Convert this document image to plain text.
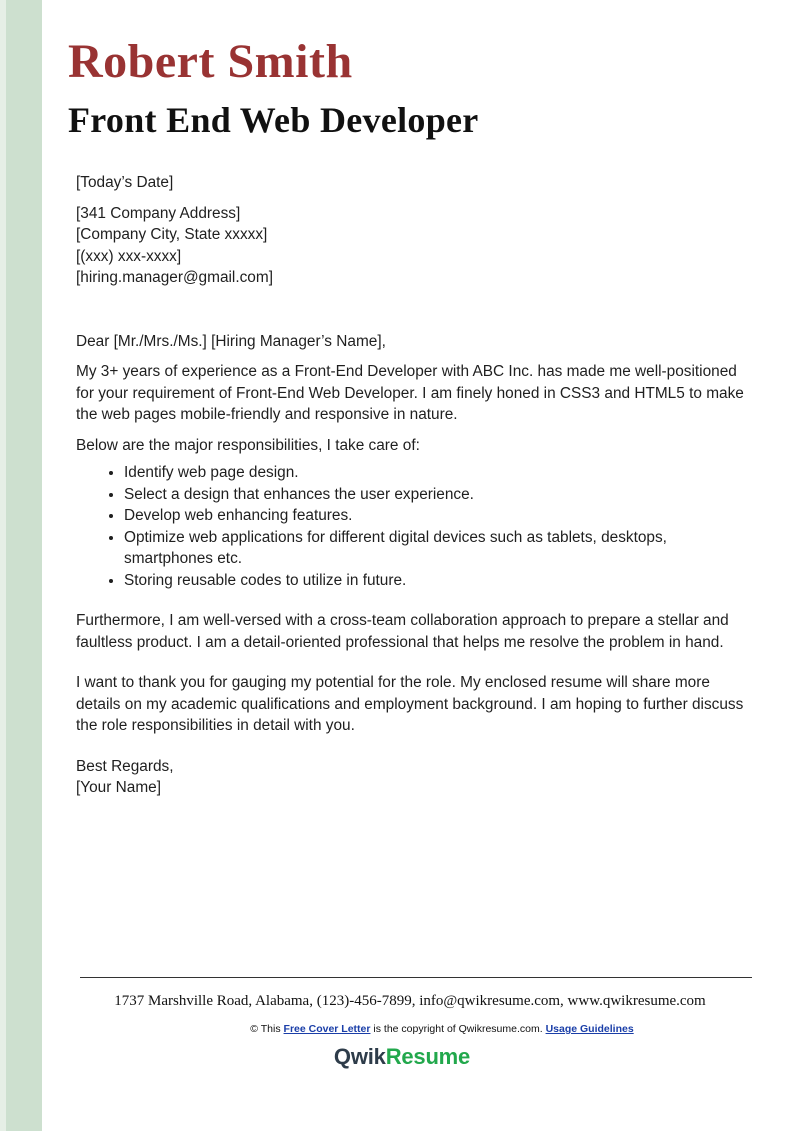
Robert Smith
Front End Web Developer

[Today’s Date]

[341 Company Address]
[Company City, State xxxxx]
[(xxx) xxx-xxxx]
[hiring.manager@gmail.com]

Dear [Mr./Mrs./Ms.] [Hiring Manager’s Name],

My 3+ years of experience as a Front-End Developer with ABC Inc. has made me well-positioned for your requirement of Front-End Web Developer. I am finely honed in CSS3 and HTML5 to make the web pages mobile-friendly and responsive in nature.

Below are the major responsibilities, I take care of:

• Identify web page design.
• Select a design that enhances the user experience.
• Develop web enhancing features.
• Optimize web applications for different digital devices such as tablets, desktops, smartphones etc.
• Storing reusable codes to utilize in future.

Furthermore, I am well-versed with a cross-team collaboration approach to prepare a stellar and faultless product. I am a detail-oriented professional that helps me resolve the problem in hand.

I want to thank you for gauging my potential for the role. My enclosed resume will share more details on my academic qualifications and employment background. I am hoping to further discuss the role responsibilities in detail with you.

Best Regards,
[Your Name]

1737 Marshville Road, Alabama, (123)-456-7899, info@qwikresume.com, www.qwikresume.com
© This Free Cover Letter is the copyright of Qwikresume.com. Usage Guidelines
QwikResume
